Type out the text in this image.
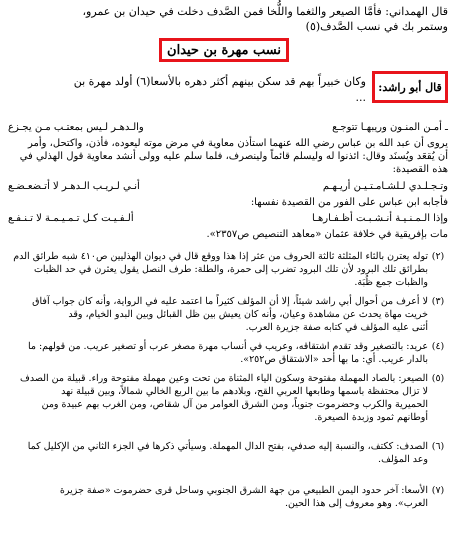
قال الهمداني: فأمَّا الصيعر والثغما واللُّخا فمن الصَّدف دخلت في حيدان بن عمرو،
وستمر بك في نسب الصَّدف(٥)
نسب مهرة بن حيدان
قال أبو راشد:
وكان خبيراً بهم قد سكن بينهم أكثر دهره بالأسعا(٦) أولد مهرة بن
...
ـ أمـن المنـون وريبهـا تتوجـع
والـدهـر لـيس بمعتـب مـن يجـزع
يروى أن عبد الله بن عباس رضي الله عنهما استأذن معاوية في مرض موته ليعوده، فأذن، واكتحل، وأمر
أن يُقعَد ويُسنَد وقال: ائذنوا له وليسلم قائماً ولينصرف، فلما سلم عليه وولى أنشد معاوية قول الهذلي في
هذه القصيدة:
وتـجـلـدي لـلشـامـتـيـن أريـهـم
أنـي لـريـب الـدهـر لا أتـضعـضـع
فأجابه ابن عباس على الفور من القصيدة نفسها:
وإذا الـمـنـيـة أنـشـبـت أظـفـارهـا
ألـفـيـت كـل تـمـيـمـة لا تـنـفـع
مات بإفريقية في خلافة عثمان «معاهد التنصيص ص٢٣٥٧».
(٢)
توله يعترن بالثاء المثلثة ثالثة الحروف من عثر إذا هذا ووقع قال في ديوان الهذليين ص٤١٠ شبه طرائق الدم
بطرائق تلك البرود لأن تلك البرود تضرب إلى حمرة، والطلة: طرف النصل يقول يعثرن في حد الظبات
والظبات جمع ظُبَة.
(٣)
لا أعرف من أحوال أبي راشد شيئاً، إلا أن المؤلف كثيراً ما اعتمد عليه في الرواية، وأنه كان جواب آفاق
خريت مهاة يحدث عن مشاهدة وعيان، وأنه كان يعيش بين ظل القبائل وبين البدو الخيام، وقد
أثنى عليه المؤلف في كتابه صفة جزيرة العرب.
(٤)
عريد: بالتصغير وقد تقدم اشتقاقه، وعريب في أنساب مهرة مصغر عرب أو تصغير عريب. من قولهم: ما
بالدار عريب. أي: ما بها أحد «الاشتقاق ص٢٥٢».
(٥)
الصيعر: بالصاد المهملة مفتوحة وسكون الياء المثناة من تحت وعين مهملة مفتوحة وراء. قبيلة من الصدف
لا تزال محتفظة باسمها وطابعها العربي القح، وبلادهم ما بين الربع الخالي شمالاً، وبين قبيلة نهد
الحميرية والكرب وحضرموت جنوباً، ومن الشرق العوامر من آل شقاص، ومن الغرب بهم عبيدة ومن
أوطانهم ثمود وزبدة الصيعرة.
(٦)
الصدف: ككتف، والنسبة إليه صدفي، بفتح الدال المهملة. وسيأتي ذكرها في الجزء الثاني من الإكليل كما
وعد المؤلف.
(٧)
الأسعا: آخر حدود اليمن الطبيعي من جهة الشرق الجنوبي وساحل قرى حضرموت «صفة جزيرة
العرب». وهو معروف إلى هذا الحين.
